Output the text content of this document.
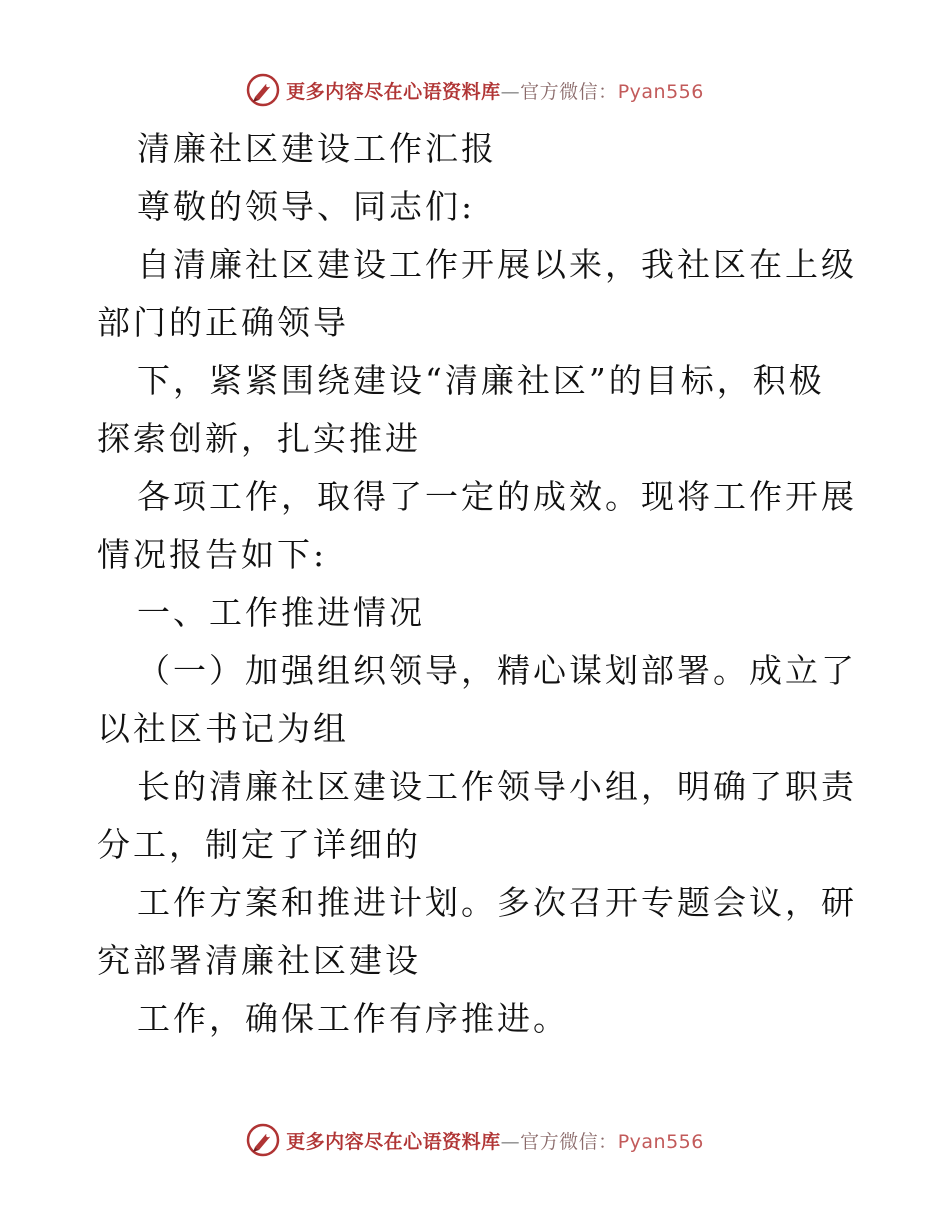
更多内容尽在心语资料库—官方微信：Pyan556

清廉社区建设工作汇报

尊敬的领导、同志们:

自清廉社区建设工作开展以来，我社区在上级部门的正确领导

下，紧紧围绕建设“清廉社区”的目标，积极探索创新，扎实推进

各项工作，取得了一定的成效。现将工作开展情况报告如下:

一、工作推进情况

（一）加强组织领导，精心谋划部署。成立了以社区书记为组

长的清廉社区建设工作领导小组，明确了职责分工，制定了详细的

工作方案和推进计划。多次召开专题会议，研究部署清廉社区建设

工作，确保工作有序推进。

更多内容尽在心语资料库—官方微信：Pyan556
